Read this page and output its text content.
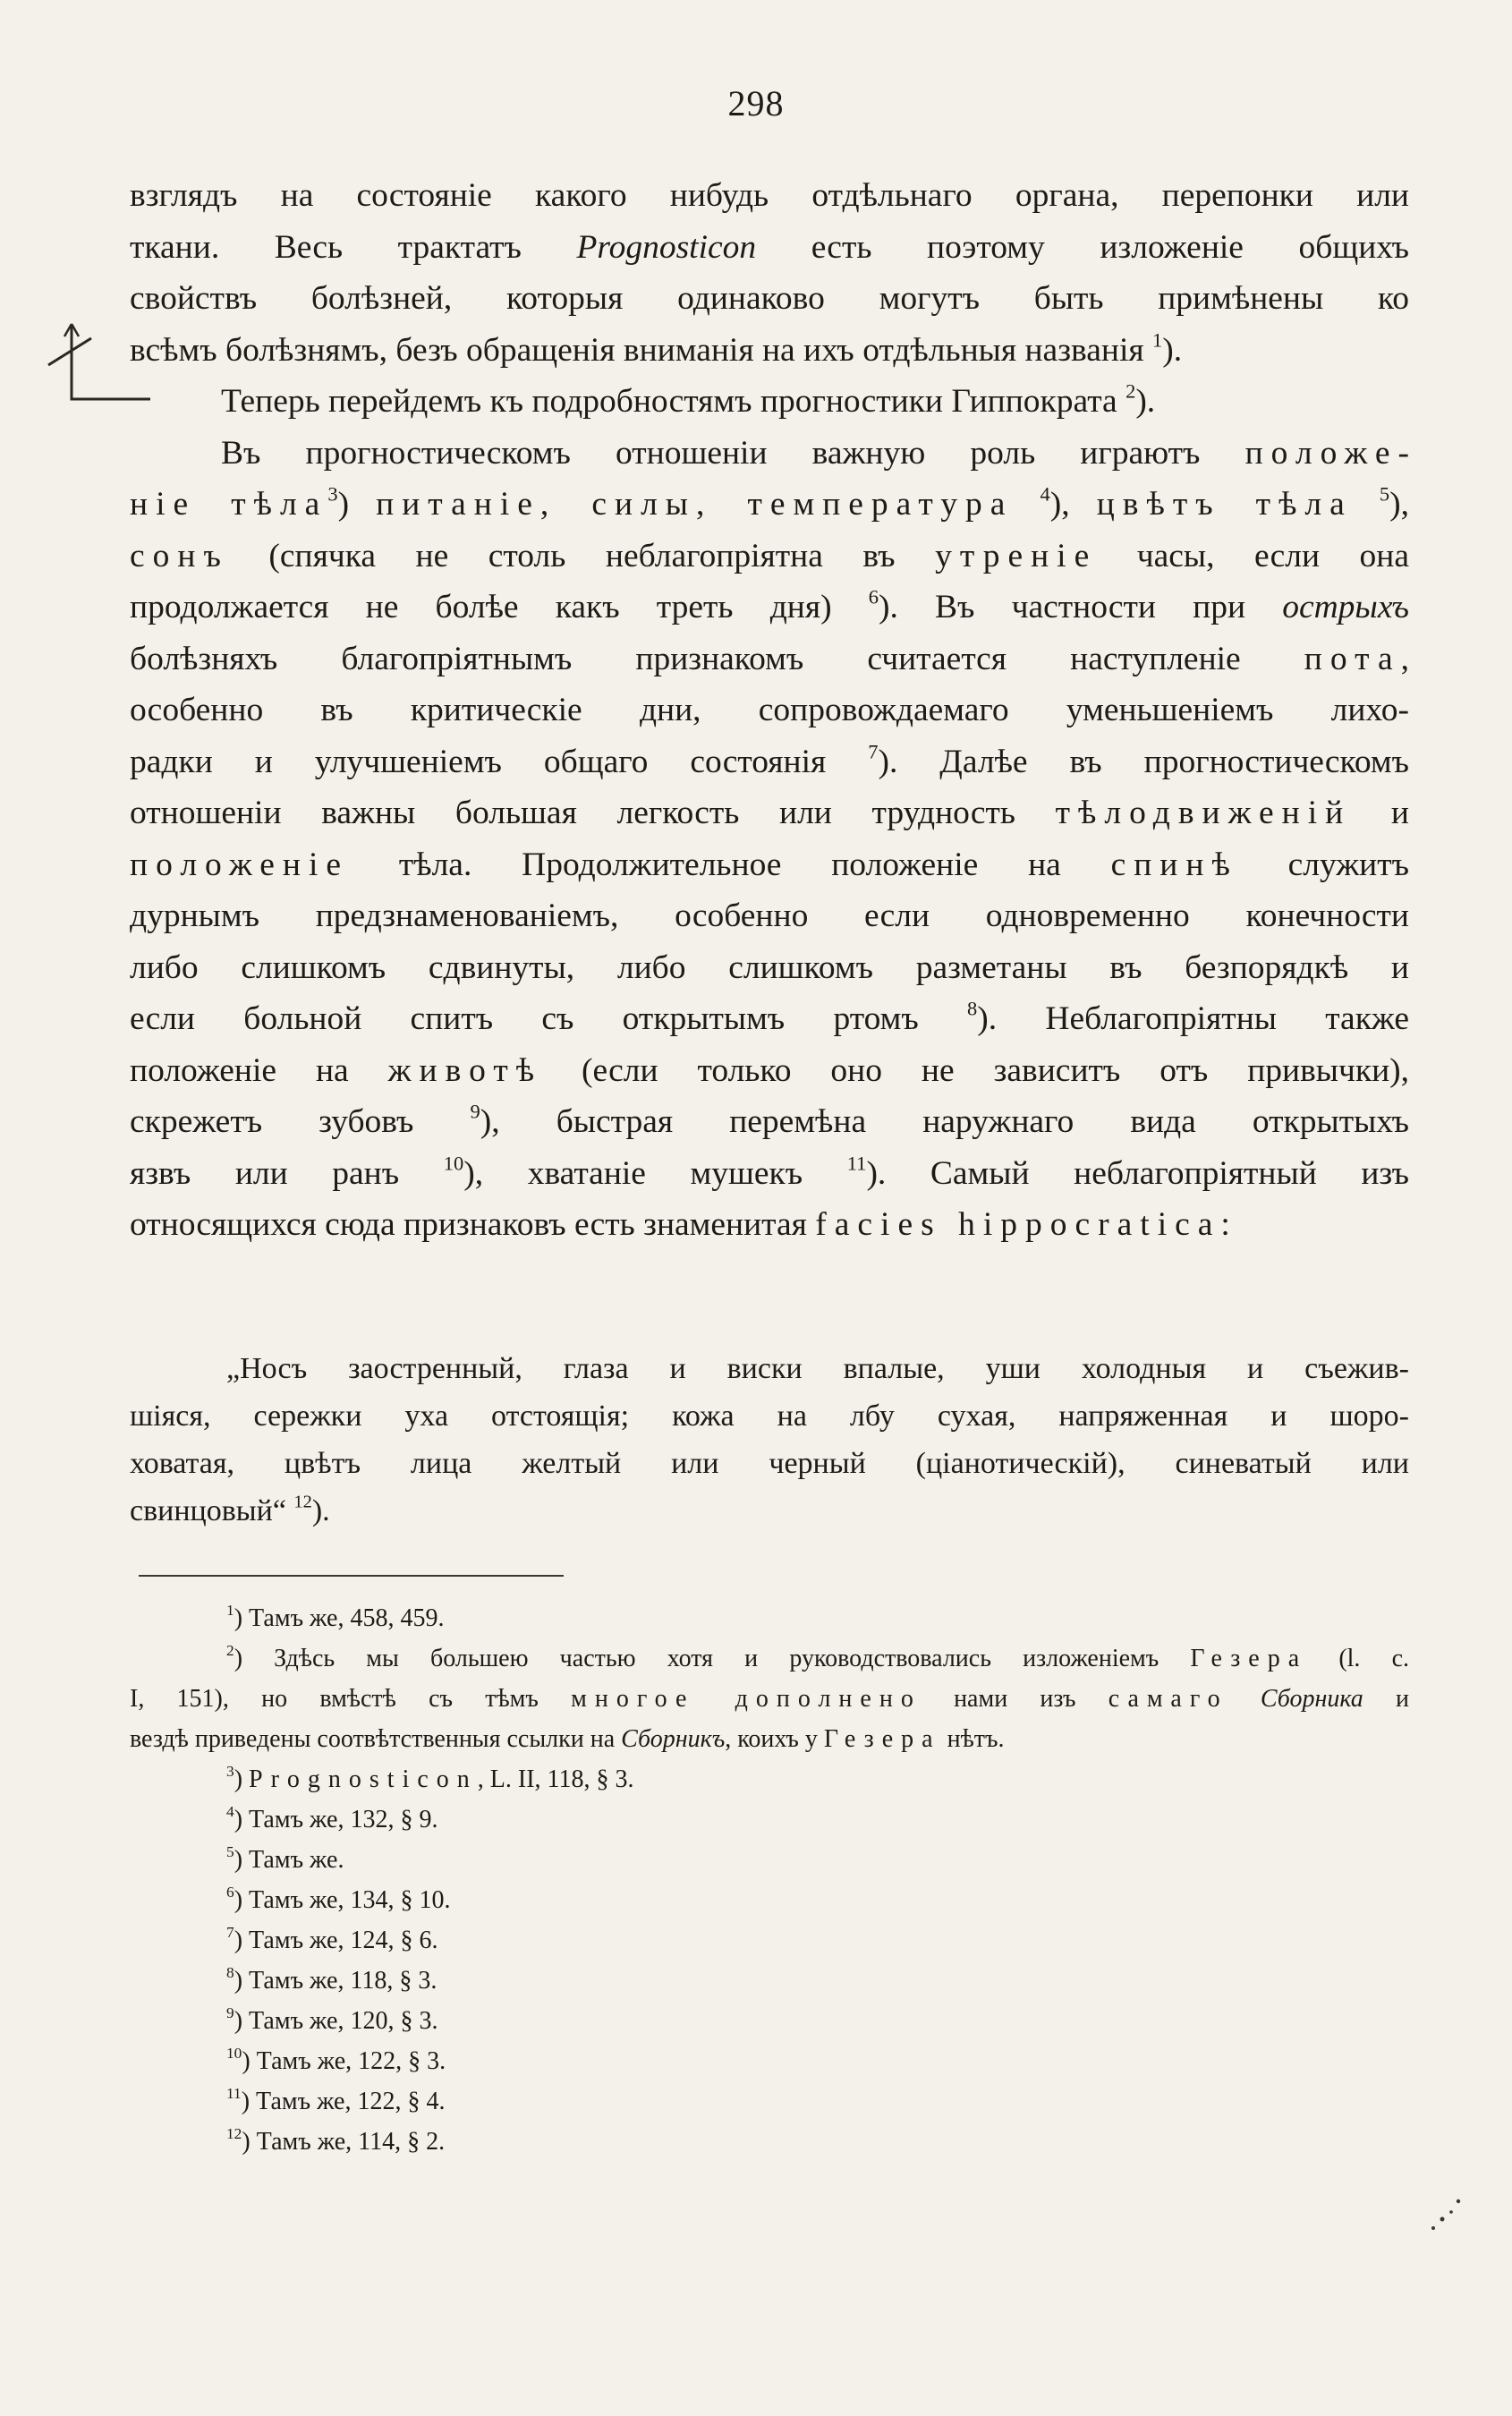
298
взглядъ на состояніе какого нибудь отдѣльнаго органа, перепонки или
ткани. Весь трактатъ Prognosticon есть поэтому изложеніе общихъ
свойствъ болѣзней, которыя одинаково могутъ быть примѣнены ко
всѣмъ болѣзнямъ, безъ обращенія вниманія на ихъ отдѣльныя названія $^1$).
Теперь перейдемъ къ подробностямъ прогностики Гиппократа $^2$).
Въ прогностическомъ отношеніи важную роль играютъ положе-
ніе тѣла$^3$) питаніе, силы, температура $^4$), цвѣтъ тѣла $^5$),
сонъ (спячка не столь неблагопріятна въ утреніе часы, если она
продолжается не болѣе какъ треть дня) $^6$). Въ частности при острыхъ
болѣзняхъ благопріятнымъ признакомъ считается наступленіе пота,
особенно въ критическіе дни, сопровождаемаго уменьшеніемъ лихо-
радки и улучшеніемъ общаго состоянія $^7$). Далѣе въ прогностическомъ
отношеніи важны большая легкость или трудность тѣлодвиженій и
положеніе тѣла. Продолжительное положеніе на спинѣ служитъ
дурнымъ предзнаменованіемъ, особенно если одновременно конечности
либо слишкомъ сдвинуты, либо слишкомъ разметаны въ безпорядкѣ и
если больной спитъ съ открытымъ ртомъ $^8$). Неблагопріятны также
положеніе на животѣ (если только оно не зависитъ отъ привычки),
скрежетъ зубовъ $^9$), быстрая перемѣна наружнаго вида открытыхъ
язвъ или ранъ $^{10}$), хватаніе мушекъ $^{11}$). Самый неблагопріятный изъ
относящихся сюда признаковъ есть знаменитая facies hippocratica:
„Носъ заостренный, глаза и виски впалые, уши холодныя и съежив-
шіяся, сережки уха отстоящія; кожа на лбу сухая, напряженная и шоро-
ховатая, цвѣтъ лица желтый или черный (ціанотическій), синеватый или
свинцовый“ $^{12}$).
$^1$) Тамъ же, 458, 459.
$^2$) Здѣсь мы большею частью хотя и руководствовались изложеніемъ Гезера (l. c.
I, 151), но вмѣстѣ съ тѣмъ многое дополнено нами изъ самаго Сборника и
вездѣ приведены соотвѣтственныя ссылки на Сборникъ, коихъ у Гезера нѣтъ.
$^3$) Prognosticon, L. II, 118, § 3.
$^4$) Тамъ же, 132, § 9.
$^5$) Тамъ же.
$^6$) Тамъ же, 134, § 10.
$^7$) Тамъ же, 124, § 6.
$^8$) Тамъ же, 118, § 3.
$^9$) Тамъ же, 120, § 3.
$^{10}$) Тамъ же, 122, § 3.
$^{11}$) Тамъ же, 122, § 4.
$^{12}$) Тамъ же, 114, § 2.
